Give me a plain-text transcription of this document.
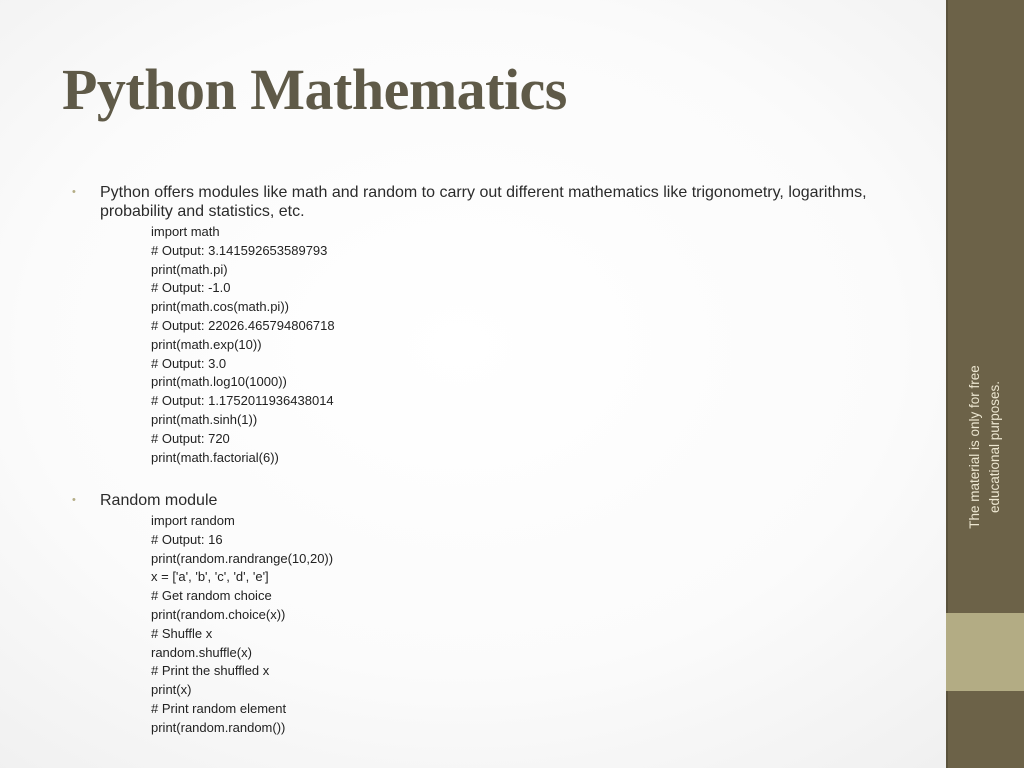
Python Mathematics
• Python offers modules like math and random to carry out different mathematics like trigonometry, logarithms, probability and statistics, etc.
import math
# Output: 3.141592653589793
print(math.pi)
# Output: -1.0
print(math.cos(math.pi))
# Output: 22026.465794806718
print(math.exp(10))
# Output: 3.0
print(math.log10(1000))
# Output: 1.1752011936438014
print(math.sinh(1))
# Output: 720
print(math.factorial(6))
• Random module
import random
# Output: 16
print(random.randrange(10,20))
x = ['a', 'b', 'c', 'd', 'e']
# Get random choice
print(random.choice(x))
# Shuffle x
random.shuffle(x)
# Print the shuffled x
print(x)
# Print random element
print(random.random())
The material is only for free educational purposes.
